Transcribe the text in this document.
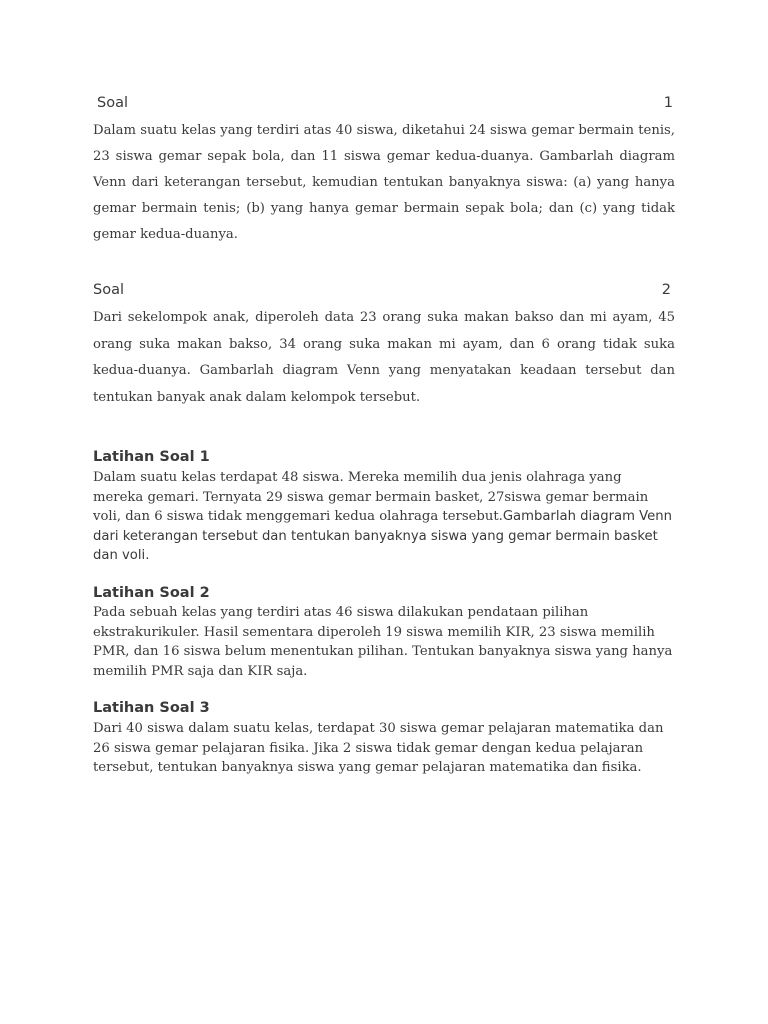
Soal	1

Dalam suatu kelas yang terdiri atas 40 siswa, diketahui 24 siswa gemar bermain tenis, 23 siswa gemar sepak bola, dan 11 siswa gemar kedua-duanya. Gambarlah diagram Venn dari keterangan tersebut, kemudian tentukan banyaknya siswa: (a) yang hanya gemar bermain tenis; (b) yang hanya gemar bermain sepak bola; dan (c) yang tidak gemar kedua-duanya.

Soal	2

Dari sekelompok anak, diperoleh data 23 orang suka makan bakso dan mi ayam, 45 orang suka makan bakso, 34 orang suka makan mi ayam, dan 6 orang tidak suka kedua-duanya. Gambarlah diagram Venn yang menyatakan keadaan tersebut dan tentukan banyak anak dalam kelompok tersebut.

Latihan Soal 1

Dalam suatu kelas terdapat 48 siswa. Mereka memilih dua jenis olahraga yang mereka gemari. Ternyata 29 siswa gemar bermain basket, 27siswa gemar bermain voli, dan 6 siswa tidak menggemari kedua olahraga tersebut.Gambarlah diagram Venn dari keterangan tersebut dan tentukan banyaknya siswa yang gemar bermain basket dan voli.

Latihan Soal 2

Pada sebuah kelas yang terdiri atas 46 siswa dilakukan pendataan pilihan ekstrakurikuler. Hasil sementara diperoleh 19 siswa memilih KIR, 23 siswa memilih PMR, dan 16 siswa belum menentukan pilihan. Tentukan banyaknya siswa yang hanya memilih PMR saja dan KIR saja.

Latihan Soal 3

Dari 40 siswa dalam suatu kelas, terdapat 30 siswa gemar pelajaran matematika dan 26 siswa gemar pelajaran fisika. Jika 2 siswa tidak gemar dengan kedua pelajaran tersebut, tentukan banyaknya siswa yang gemar pelajaran matematika dan fisika.
